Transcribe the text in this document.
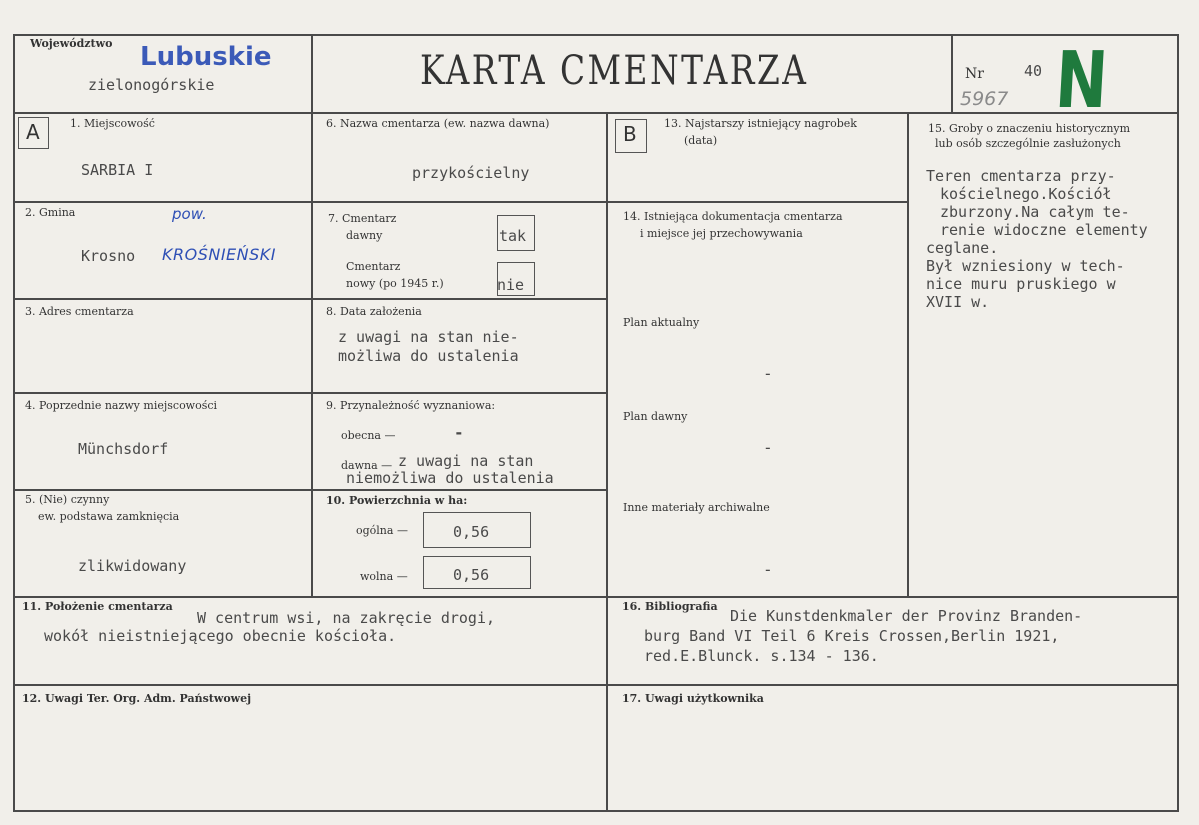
Województwo Lubuskie
zielonogórskie	KARTA CMENTARZA	Nr	40
5967 N
A	1. Miejscowość
SARBIA I
2. Gmina
Krosno
pow.
KROŚNIEŃSKI
3. Adres cmentarza
4. Poprzednie nazwy miejscowości
Münchsdorf
5. (Nie) czynny
ew. podstawa zamknięcia
zlikwidowany
6. Nazwa cmentarza (ew. nazwa dawna)
przykościelny
7. Cmentarz
dawny	tak
Cmentarz
nowy (po 1945 r.)	nie
8. Data założenia
z uwagi na stan nie-
możliwa do ustalenia
9. Przynależność wyznaniowa:
obecna —	-
dawna — z uwagi na stan
niemożliwa do ustalenia
10. Powierzchnia w ha:
ogólna —	0,56
wolna —	0,56
11. Położenie cmentarza
W centrum wsi, na zakręcie drogi,
wokół nieistniejącego obecnie kościoła.
12. Uwagi Ter. Org. Adm. Państwowej
B 13. Najstarszy istniejący nagrobek
(data)
14. Istniejąca dokumentacja cmentarza
i miejsce jej przechowywania
Plan aktualny
-
Plan dawny
-
Inne materiały archiwalne
-
15. Groby o znaczeniu historycznym
lub osób szczególnie zasłużonych
Teren cmentarza przy-
kościelnego.Kościół
zburzony.Na całym te-
renie widoczne elementy
ceglane.
Był wzniesiony w tech-
nice muru pruskiego w
XVII w.
16. Bibliografia
Die Kunstdenkmaler der Provinz Branden-
burg Band VI Teil 6 Kreis Crossen,Berlin 1921,
red.E.Blunck. s.134 - 136.
17. Uwagi użytkownika
